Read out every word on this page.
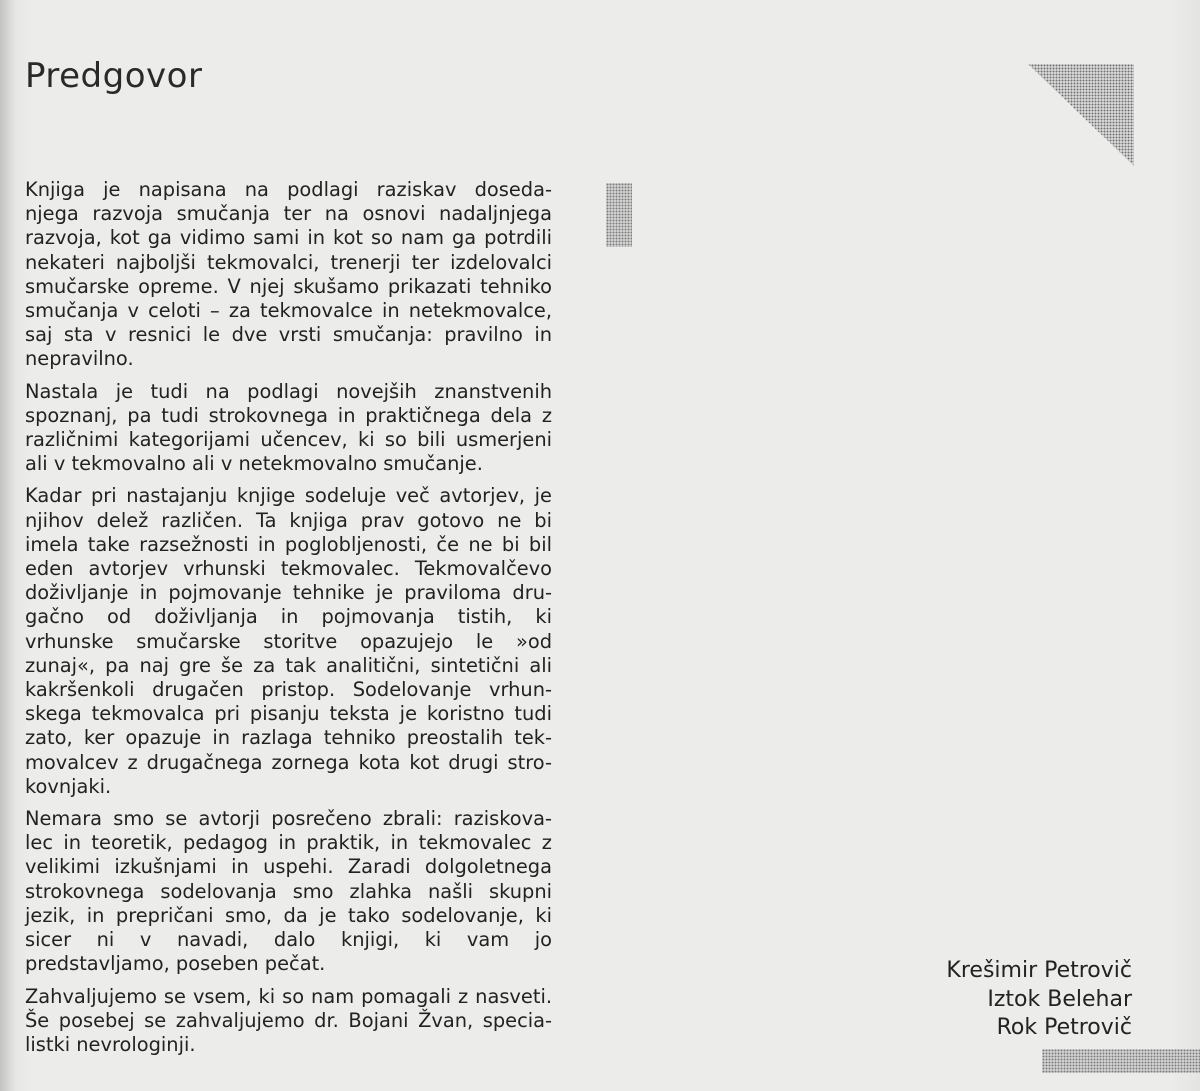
Predgovor

Knjiga je napisana na podlagi raziskav doseda-
njega razvoja smučanja ter na osnovi nadaljnjega
razvoja, kot ga vidimo sami in kot so nam ga potrdili
nekateri najboljši tekmovalci, trenerji ter izdelovalci
smučarske opreme. V njej skušamo prikazati tehniko
smučanja v celoti – za tekmovalce in netekmovalce,
saj sta v resnici le dve vrsti smučanja: pravilno in
nepravilno.

Nastala je tudi na podlagi novejših znanstvenih
spoznanj, pa tudi strokovnega in praktičnega dela z
različnimi kategorijami učencev, ki so bili usmerjeni
ali v tekmovalno ali v netekmovalno smučanje.

Kadar pri nastajanju knjige sodeluje več avtorjev, je
njihov delež različen. Ta knjiga prav gotovo ne bi
imela take razsežnosti in poglobljenosti, če ne bi bil
eden avtorjev vrhunski tekmovalec. Tekmovalčevo
doživljanje in pojmovanje tehnike je praviloma dru-
gačno od doživljanja in pojmovanja tistih, ki
vrhunske smučarske storitve opazujejo le »od
zunaj«, pa naj gre še za tak analitični, sintetični ali
kakršenkoli drugačen pristop. Sodelovanje vrhun-
skega tekmovalca pri pisanju teksta je koristno tudi
zato, ker opazuje in razlaga tehniko preostalih tek-
movalcev z drugačnega zornega kota kot drugi stro-
kovnjaki.

Nemara smo se avtorji posrečeno zbrali: raziskova-
lec in teoretik, pedagog in praktik, in tekmovalec z
velikimi izkušnjami in uspehi. Zaradi dolgoletnega
strokovnega sodelovanja smo zlahka našli skupni
jezik, in prepričani smo, da je tako sodelovanje, ki
sicer ni v navadi, dalo knjigi, ki vam jo
predstavljamo, poseben pečat.

Zahvaljujemo se vsem, ki so nam pomagali z nasveti.
Še posebej se zahvaljujemo dr. Bojani Žvan, specia-
listki nevrologinji.

Krešimir Petrovič
Iztok Belehar
Rok Petrovič
